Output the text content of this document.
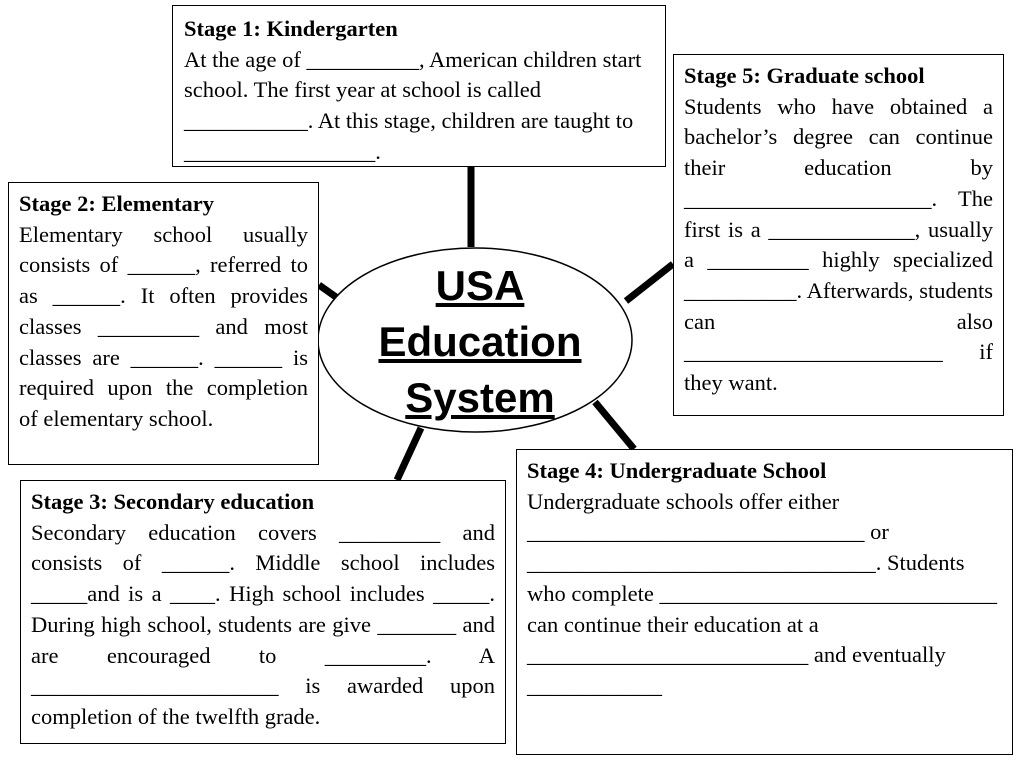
USA
Education
System
Stage 1: Kindergarten
At the age of __________, American children start school. The first year at school is called ___________. At this stage, children are taught to _________________.
Stage 5: Graduate school
Students who have obtained a bachelor’s degree can continue their education by ______________________. The first is a _____________, usually a _________ highly specialized __________. Afterwards, students can also _______________________ if they want.
Stage 2: Elementary
Elementary school usually consists of ______, referred to as ______. It often provides classes _________ and most classes are ______. ______ is required upon the completion of elementary school.
Stage 3: Secondary education
Secondary education covers _________ and consists of ______. Middle school includes _____and is a ____. High school includes _____. During high school, students are give _______ and are encouraged to _________. A ______________________ is awarded upon completion of the twelfth grade.
Stage 4: Undergraduate School
Undergraduate schools offer either ______________________________ or _______________________________. Students who complete ______________________________ can continue their education at a _________________________ and eventually ____________
